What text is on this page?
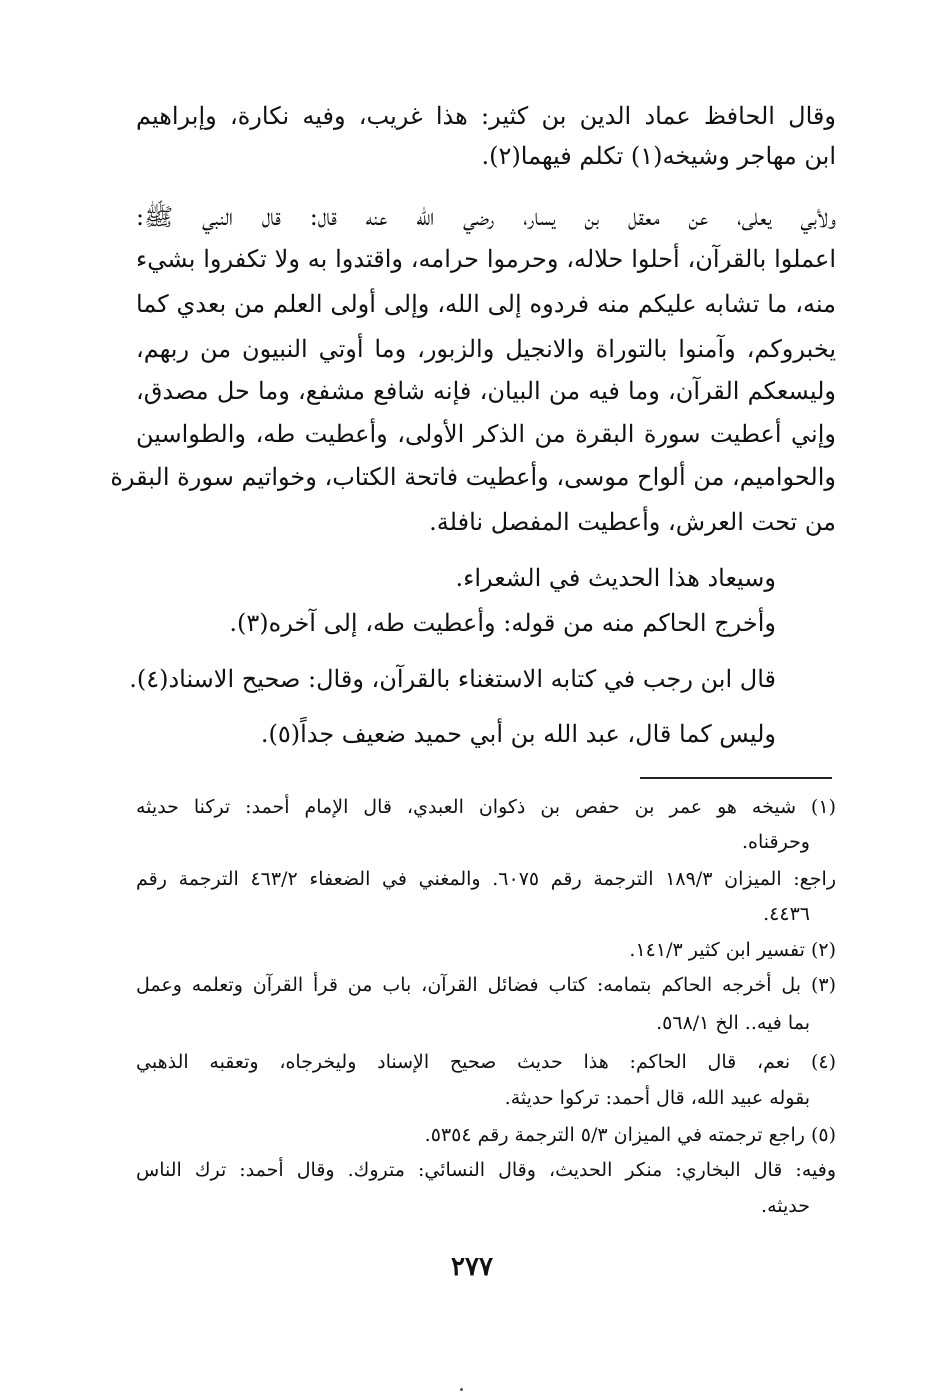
وقال الحافظ عماد الدين بن كثير: هذا غريب، وفيه نكارة، وإبراهيم
ابن مهاجر وشيخه(١) تكلم فيهما(٢).
ولأبي يعلى، عن معقل بن يسار، رضي الله عنه قال: قال النبي ﷺ:
اعملوا بالقرآن، أحلوا حلاله، وحرموا حرامه، واقتدوا به ولا تكفروا بشيء
منه، ما تشابه عليكم منه فردوه إلى الله، وإلى أولى العلم من بعدي كما
يخبروكم، وآمنوا بالتوراة والانجيل والزبور، وما أوتي النبيون من ربهم،
وليسعكم القرآن، وما فيه من البيان، فإنه شافع مشفع، وما حل مصدق،
وإني أعطيت سورة البقرة من الذكر الأولى، وأعطيت طه، والطواسين
والحواميم، من ألواح موسى، وأعطيت فاتحة الكتاب، وخواتيم سورة البقرة
من تحت العرش، وأعطيت المفصل نافلة.
وسيعاد هذا الحديث في الشعراء.
وأخرج الحاكم منه من قوله: وأعطيت طه، إلى آخره(٣).
قال ابن رجب في كتابه الاستغناء بالقرآن، وقال: صحيح الاسناد(٤).
وليس كما قال، عبد الله بن أبي حميد ضعيف جداً(٥).
(١) شيخه هو عمر بن حفص بن ذكوان العبدي، قال الإمام أحمد: تركنا حديثه
وحرقناه.
راجع: الميزان ١٨٩/٣ الترجمة رقم ٦٠٧٥. والمغني في الضعفاء ٤٦٣/٢ الترجمة رقم
٤٤٣٦.
(٢) تفسير ابن كثير ١٤١/٣.
(٣) بل أخرجه الحاكم بتمامه: كتاب فضائل القرآن، باب من قرأ القرآن وتعلمه وعمل
بما فيه.. الخ ٥٦٨/١.
(٤) نعم، قال الحاكم: هذا حديث صحيح الإسناد وليخرجاه، وتعقبه الذهبي
بقوله عبيد الله، قال أحمد: تركوا حديثة.
(٥) راجع ترجمته في الميزان ٥/٣ الترجمة رقم ٥٣٥٤.
وفيه: قال البخاري: منكر الحديث، وقال النسائي: متروك. وقال أحمد: ترك الناس
حديثه.
٢٧٧
